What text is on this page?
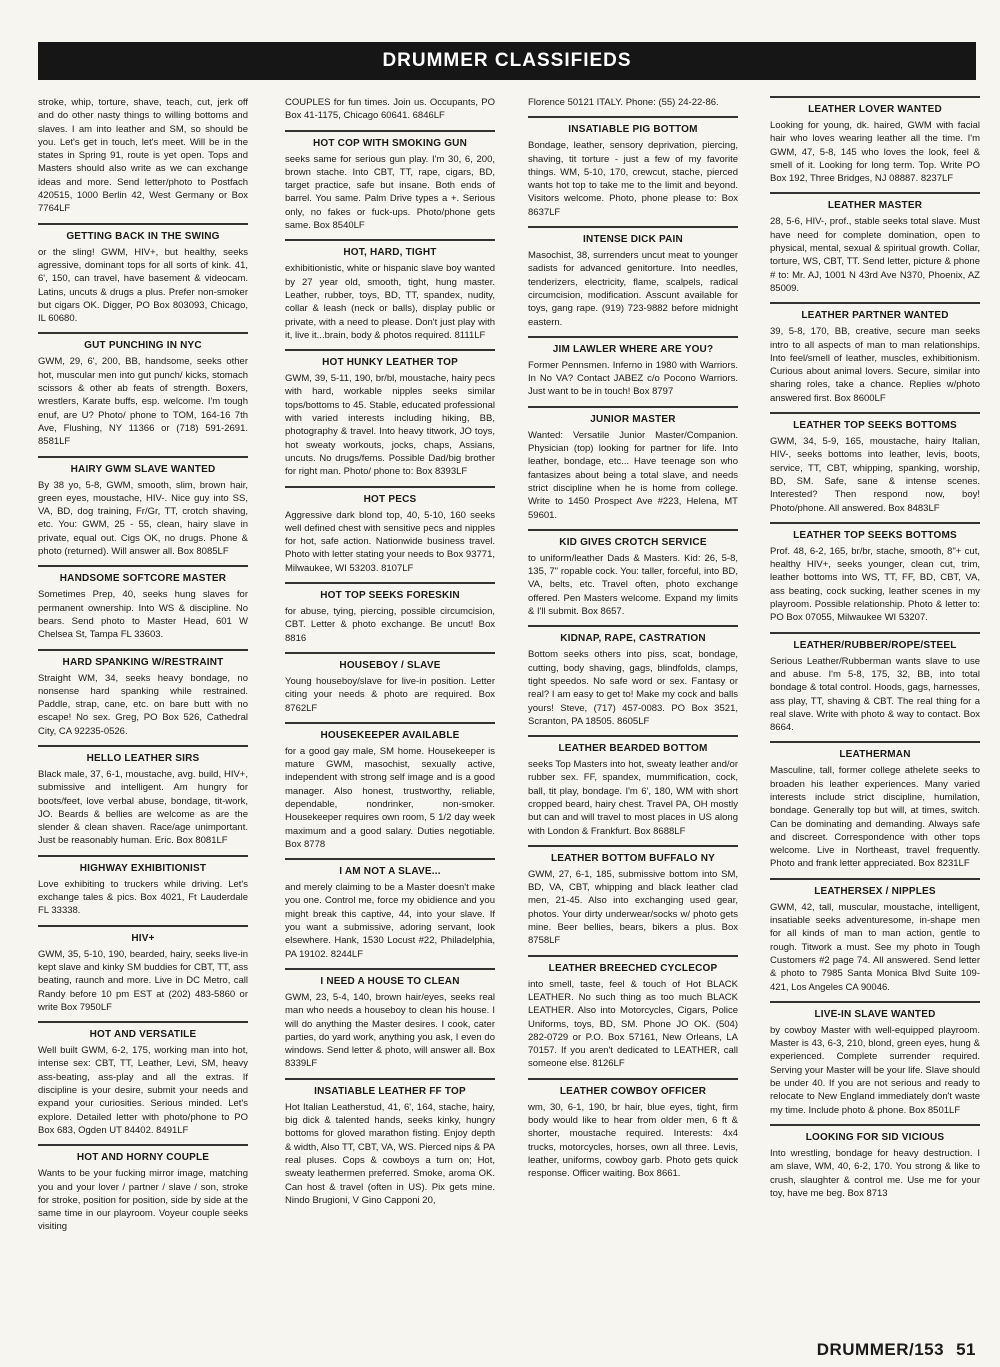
DRUMMER CLASSIFIEDS

stroke, whip, torture, shave, teach, cut, jerk off and do other nasty things to willing bottoms and slaves. I am into leather and SM, so should be you. Let's get in touch, let's meet. Will be in the states in Spring 91, route is yet open. Tops and Masters should also write as we can exchange ideas and more. Send letter/photo to Postfach 420515, 1000 Berlin 42, West Germany or Box 7764LF

GETTING BACK IN THE SWING

or the sling! GWM, HIV+, but healthy, seeks agressive, dominant tops for all sorts of kink. 41, 6', 150, can travel, have basement & videocam. Latins, uncuts & drugs a plus. Prefer non-smoker but cigars OK. Digger, PO Box 803093, Chicago, IL 60680.

GUT PUNCHING IN NYC

GWM, 29, 6', 200, BB, handsome, seeks other hot, muscular men into gut punch/ kicks, stomach scissors & other ab feats of strength. Boxers, wrestlers, Karate buffs, esp. welcome. I'm tough enuf, are U? Photo/ phone to TOM, 164-16 7th Ave, Flushing, NY 11366 or (718) 591-2691. 8581LF

HAIRY GWM SLAVE WANTED

By 38 yo, 5-8, GWM, smooth, slim, brown hair, green eyes, moustache, HIV-. Nice guy into SS, VA, BD, dog training, Fr/Gr, TT, crotch shaving, etc. You: GWM, 25 - 55, clean, hairy slave in private, equal out. Cigs OK, no drugs. Phone & photo (returned). Will answer all. Box 8085LF

HANDSOME SOFTCORE MASTER

Sometimes Prep, 40, seeks hung slaves for permanent ownership. Into WS & discipline. No bears. Send photo to Master Head, 601 W Chelsea St, Tampa FL 33603.

HARD SPANKING W/RESTRAINT

Straight WM, 34, seeks heavy bondage, no nonsense hard spanking while restrained. Paddle, strap, cane, etc. on bare butt with no escape! No sex. Greg, PO Box 526, Cathedral City, CA 92235-0526.

HELLO LEATHER SIRS

Black male, 37, 6-1, moustache, avg. build, HIV+, submissive and intelligent. Am hungry for boots/feet, love verbal abuse, bondage, tit-work, JO. Beards & bellies are welcome as are the slender & clean shaven. Race/age unimportant. Just be reasonably human. Eric. Box 8081LF

HIGHWAY EXHIBITIONIST

Love exhibiting to truckers while driving. Let's exchange tales & pics. Box 4021, Ft Lauderdale FL 33338.

HIV+

GWM, 35, 5-10, 190, bearded, hairy, seeks live-in kept slave and kinky SM buddies for CBT, TT, ass beating, raunch and more. Live in DC Metro, call Randy before 10 pm EST at (202) 483-5860 or write Box 7950LF

HOT AND VERSATILE

Well built GWM, 6-2, 175, working man into hot, intense sex: CBT, TT, Leather, Levi, SM, heavy ass-beating, ass-play and all the extras. If discipline is your desire, submit your needs and expand your curiosities. Serious minded. Let's explore. Detailed letter with photo/phone to PO Box 683, Ogden UT 84402. 8491LF

HOT AND HORNY COUPLE

Wants to be your fucking mirror image, matching you and your lover / partner / slave / son, stroke for stroke, position for position, side by side at the same time in our playroom. Voyeur couple seeks visiting

COUPLES for fun times. Join us. Occupants, PO Box 41-1175, Chicago 60641. 6846LF

HOT COP WITH SMOKING GUN

seeks same for serious gun play. I'm 30, 6, 200, brown stache. Into CBT, TT, rape, cigars, BD, target practice, safe but insane. Both ends of barrel. You same. Palm Drive types a +. Serious only, no fakes or fuck-ups. Photo/phone gets same. Box 8540LF

HOT, HARD, TIGHT

exhibitionistic, white or hispanic slave boy wanted by 27 year old, smooth, tight, hung master. Leather, rubber, toys, BD, TT, spandex, nudity, collar & leash (neck or balls), display public or private, with a need to please. Don't just play with it, live it...brain, body & photos required. 8111LF

HOT HUNKY LEATHER TOP

GWM, 39, 5-11, 190, br/bl, moustache, hairy pecs with hard, workable nipples seeks similar tops/bottoms to 45. Stable, educated professional with varied interests including hiking, BB, photography & travel. Into heavy titwork, JO toys, hot sweaty workouts, jocks, chaps, Assians, uncuts. No drugs/fems. Possible Dad/big brother for right man. Photo/ phone to: Box 8393LF

HOT PECS

Aggressive dark blond top, 40, 5-10, 160 seeks well defined chest with sensitive pecs and nipples for hot, safe action. Nationwide business travel. Photo with letter stating your needs to Box 93771, Milwaukee, WI 53203. 8107LF

HOT TOP SEEKS FORESKIN

for abuse, tying, piercing, possible circumcision, CBT. Letter & photo exchange. Be uncut! Box 8816

HOUSEBOY / SLAVE

Young houseboy/slave for live-in position. Letter citing your needs & photo are required. Box 8762LF

HOUSEKEEPER AVAILABLE

for a good gay male, SM home. Housekeeper is mature GWM, masochist, sexually active, independent with strong self image and is a good manager. Also honest, trustworthy, reliable, dependable, nondrinker, non-smoker. Housekeeper requires own room, 5 1/2 day week maximum and a good salary. Duties negotiable. Box 8778

I AM NOT A SLAVE...

and merely claiming to be a Master doesn't make you one. Control me, force my obidience and you might break this captive, 44, into your slave. If you want a submissive, adoring servant, look elsewhere. Hank, 1530 Locust #22, Philadelphia, PA 19102. 8244LF

I NEED A HOUSE TO CLEAN

GWM, 23, 5-4, 140, brown hair/eyes, seeks real man who needs a houseboy to clean his house. I will do anything the Master desires. I cook, cater parties, do yard work, anything you ask, I even do windows. Send letter & photo, will answer all. Box 8339LF

INSATIABLE LEATHER FF TOP

Hot Italian Leatherstud, 41, 6', 164, stache, hairy, big dick & talented hands, seeks kinky, hungry bottoms for gloved marathon fisting. Enjoy depth & width, Also TT, CBT, VA, WS. Pierced nips & PA real pluses. Cops & cowboys a turn on; Hot, sweaty leathermen preferred. Smoke, aroma OK. Can host & travel (often in US). Pix gets mine. Nindo Brugioni, V Gino Capponi 20,

Florence 50121 ITALY. Phone: (55) 24-22-86.

INSATIABLE PIG BOTTOM

Bondage, leather, sensory deprivation, piercing, shaving, tit torture - just a few of my favorite things. WM, 5-10, 170, crewcut, stache, pierced wants hot top to take me to the limit and beyond. Visitors welcome. Photo, phone please to: Box 8637LF

INTENSE DICK PAIN

Masochist, 38, surrenders uncut meat to younger sadists for advanced genitorture. Into needles, tenderizers, electricity, flame, scalpels, radical circumcision, modification. Asscunt available for toys, gang rape. (919) 723-9882 before midnight eastern.

JIM LAWLER WHERE ARE YOU?

Former Pennsmen. Inferno in 1980 with Warriors. In No VA? Contact JABEZ c/o Pocono Warriors. Just want to be in touch! Box 8797

JUNIOR MASTER

Wanted: Versatile Junior Master/Companion. Physician (top) looking for partner for life. Into leather, bondage, etc... Have teenage son who fantasizes about being a total slave, and needs strict discipline when he is home from college. Write to 1450 Prospect Ave #223, Helena, MT 59601.

KID GIVES CROTCH SERVICE

to uniform/leather Dads & Masters. Kid: 26, 5-8, 135, 7" ropable cock. You: taller, forceful, into BD, VA, belts, etc. Travel often, photo exchange offered. Pen Masters welcome. Expand my limits & I'll submit. Box 8657.

KIDNAP, RAPE, CASTRATION

Bottom seeks others into piss, scat, bondage, cutting, body shaving, gags, blindfolds, clamps, tight speedos. No safe word or sex. Fantasy or real? I am easy to get to! Make my cock and balls yours! Steve, (717) 457-0083. PO Box 3521, Scranton, PA 18505. 8605LF

LEATHER BEARDED BOTTOM

seeks Top Masters into hot, sweaty leather and/or rubber sex. FF, spandex, mummification, cock, ball, tit play, bondage. I'm 6', 180, WM with short cropped beard, hairy chest. Travel PA, OH mostly but can and will travel to most places in US along with London & Frankfurt. Box 8688LF

LEATHER BOTTOM BUFFALO NY

GWM, 27, 6-1, 185, submissive bottom into SM, BD, VA, CBT, whipping and black leather clad men, 21-45. Also into exchanging used gear, photos. Your dirty underwear/socks w/ photo gets mine. Beer bellies, bears, bikers a plus. Box 8758LF

LEATHER BREECHED CYCLECOP

into smell, taste, feel & touch of Hot BLACK LEATHER. No such thing as too much BLACK LEATHER. Also into Motorcycles, Cigars, Police Uniforms, toys, BD, SM. Phone JO OK. (504) 282-0729 or P.O. Box 57161, New Orleans, LA 70157. If you aren't dedicated to LEATHER, call someone else. 8126LF

LEATHER COWBOY OFFICER

wm, 30, 6-1, 190, br hair, blue eyes, tight, firm body would like to hear from older men, 6 ft & shorter, moustache required. Interests: 4x4 trucks, motorcycles, horses, own all three. Levis, leather, uniforms, cowboy garb. Photo gets quick response. Officer waiting. Box 8661.

LEATHER LOVER WANTED

Looking for young, dk. haired, GWM with facial hair who loves wearing leather all the time. I'm GWM, 47, 5-8, 145 who loves the look, feel & smell of it. Looking for long term. Top. Write PO Box 192, Three Bridges, NJ 08887. 8237LF

LEATHER MASTER

28, 5-6, HIV-, prof., stable seeks total slave. Must have need for complete domination, open to physical, mental, sexual & spiritual growth. Collar, torture, WS, CBT, TT. Send letter, picture & phone # to: Mr. AJ, 1001 N 43rd Ave N370, Phoenix, AZ 85009.

LEATHER PARTNER WANTED

39, 5-8, 170, BB, creative, secure man seeks intro to all aspects of man to man relationships. Into feel/smell of leather, muscles, exhibitionism. Curious about animal lovers. Secure, similar into sharing roles, take a chance. Replies w/photo answered first. Box 8600LF

LEATHER TOP SEEKS BOTTOMS

GWM, 34, 5-9, 165, moustache, hairy Italian, HIV-, seeks bottoms into leather, levis, boots, service, TT, CBT, whipping, spanking, worship, BD, SM. Safe, sane & intense scenes. Interested? Then respond now, boy! Photo/phone. All answered. Box 8483LF

LEATHER TOP SEEKS BOTTOMS

Prof. 48, 6-2, 165, br/br, stache, smooth, 8"+ cut, healthy HIV+, seeks younger, clean cut, trim, leather bottoms into WS, TT, FF, BD, CBT, VA, ass beating, cock sucking, leather scenes in my playroom. Possible relationship. Photo & letter to: PO Box 07055, Milwaukee WI 53207.

LEATHER/RUBBER/ROPE/STEEL

Serious Leather/Rubberman wants slave to use and abuse. I'm 5-8, 175, 32, BB, into total bondage & total control. Hoods, gags, harnesses, ass play, TT, shaving & CBT. The real thing for a real slave. Write with photo & way to contact. Box 8664.

LEATHERMAN

Masculine, tall, former college athelete seeks to broaden his leather experiences. Many varied interests include strict discipline, humilation, bondage. Generally top but will, at times, switch. Can be dominating and demanding. Always safe and discreet. Correspondence with other tops welcome. Live in Northeast, travel frequently. Photo and frank letter appreciated. Box 8231LF

LEATHERSEX / NIPPLES

GWM, 42, tall, muscular, moustache, intelligent, insatiable seeks adventuresome, in-shape men for all kinds of man to man action, gentle to rough. Titwork a must. See my photo in Tough Customers #2 page 74. All answered. Send letter & photo to 7985 Santa Monica Blvd Suite 109-421, Los Angeles CA 90046.

LIVE-IN SLAVE WANTED

by cowboy Master with well-equipped playroom. Master is 43, 6-3, 210, blond, green eyes, hung & experienced. Complete surrender required. Serving your Master will be your life. Slave should be under 40. If you are not serious and ready to relocate to New England immediately don't waste my time. Include photo & phone. Box 8501LF

LOOKING FOR SID VICIOUS

Into wrestling, bondage for heavy destruction. I am slave, WM, 40, 6-2, 170. You strong & like to crush, slaughter & control me. Use me for your toy, have me beg. Box 8713

DRUMMER/153 51
